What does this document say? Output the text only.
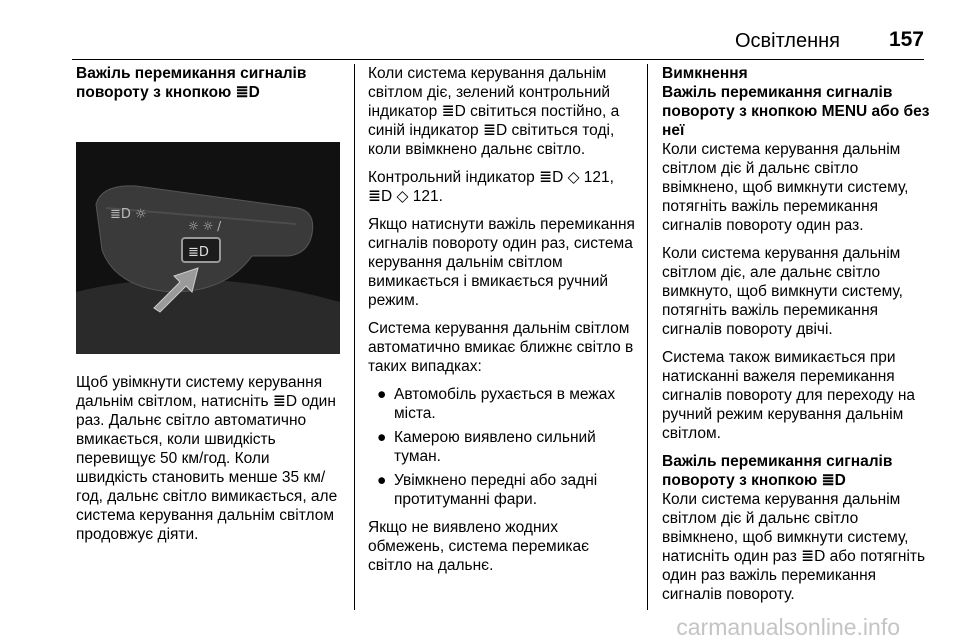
Освітлення 157
Важіль перемикання сигналів повороту з кнопкою ≣D
≣D ☼
☼ ☼ /
≣D

Щоб увімкнути систему керування дальнім світлом, натисніть ≣D один раз. Дальнє світло автоматично вмикається, коли швидкість перевищує 50 км/год. Коли швидкість становить менше 35 км/год, дальнє світло вимикається, але система керування дальнім світлом продовжує діяти.

Коли система керування дальнім світлом діє, зелений контрольний індикатор ≣D світиться постійно, а синій індикатор ≣D світиться тоді, коли ввімкнено дальнє світло.

Контрольний індикатор ≣D ◇ 121, ≣D ◇ 121.

Якщо натиснути важіль перемикання сигналів повороту один раз, система керування дальнім світлом вимикається і вмикається ручний режим.

Система керування дальнім світлом автоматично вмикає ближнє світло в таких випадках:

● Автомобіль рухається в межах міста.
● Камерою виявлено сильний туман.
● Увімкнено передні або задні протитуманні фари.

Якщо не виявлено жодних обмежень, система перемикає світло на дальнє.

Вимкнення
Важіль перемикання сигналів повороту з кнопкою MENU або без неї

Коли система керування дальнім світлом діє й дальнє світло ввімкнено, щоб вимкнути систему, потягніть важіль перемикання сигналів повороту один раз.

Коли система керування дальнім світлом діє, але дальнє світло вимкнуто, щоб вимкнути систему, потягніть важіль перемикання сигналів повороту двічі.

Система також вимикається при натисканні важеля перемикання сигналів повороту для переходу на ручний режим керування дальнім світлом.

Важіль перемикання сигналів повороту з кнопкою ≣D

Коли система керування дальнім світлом діє й дальнє світло ввімкнено, щоб вимкнути систему, натисніть один раз ≣D або потягніть один раз важіль перемикання сигналів повороту.

carmanualsonline.info
